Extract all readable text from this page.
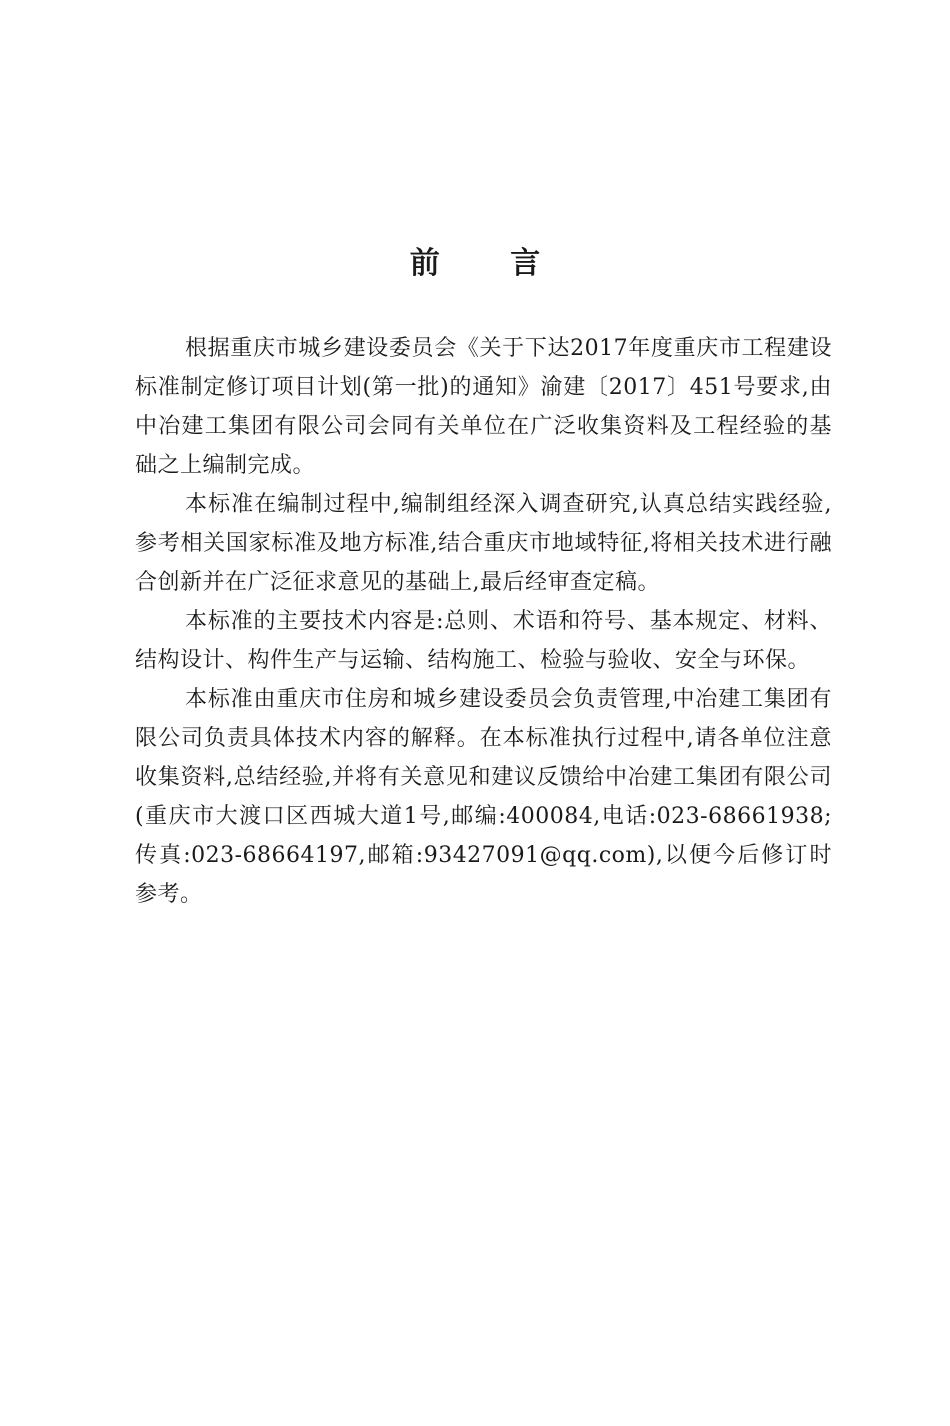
前 言

根据重庆市城乡建设委员会《关于下达2017年度重庆市工程建设标准制定修订项目计划(第一批)的通知》渝建〔2017〕451号要求,由中冶建工集团有限公司会同有关单位在广泛收集资料及工程经验的基础之上编制完成。

本标准在编制过程中,编制组经深入调查研究,认真总结实践经验,参考相关国家标准及地方标准,结合重庆市地域特征,将相关技术进行融合创新并在广泛征求意见的基础上,最后经审查定稿。

本标准的主要技术内容是:总则、术语和符号、基本规定、材料、结构设计、构件生产与运输、结构施工、检验与验收、安全与环保。

本标准由重庆市住房和城乡建设委员会负责管理,中冶建工集团有限公司负责具体技术内容的解释。在本标准执行过程中,请各单位注意收集资料,总结经验,并将有关意见和建议反馈给中冶建工集团有限公司(重庆市大渡口区西城大道1号,邮编:400084,电话:023-68661938;传真:023-68664197,邮箱:93427091@qq.com),以便今后修订时参考。
